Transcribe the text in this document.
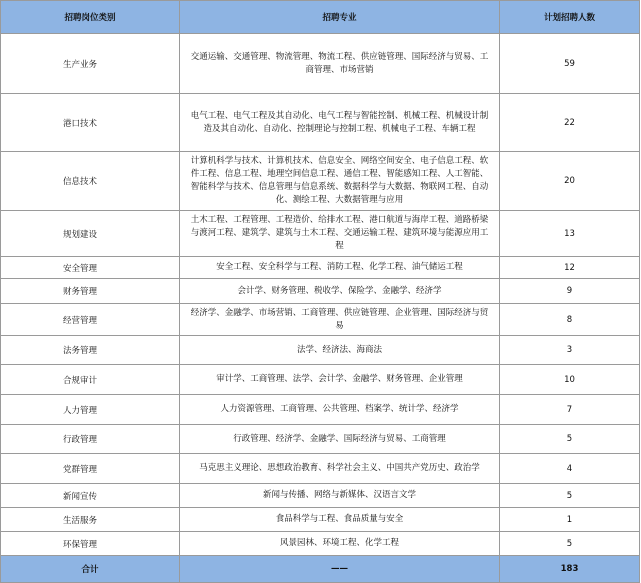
招聘岗位类别	招聘专业	计划招聘人数
生产业务	交通运输、交通管理、物流管理、物流工程、供应链管理、国际经济与贸易、工商管理、市场营销	59
港口技术	电气工程、电气工程及其自动化、电气工程与智能控制、机械工程、机械设计制造及其自动化、自动化、控制理论与控制工程、机械电子工程、车辆工程	22
信息技术	计算机科学与技术、计算机技术、信息安全、网络空间安全、电子信息工程、软件工程、信息工程、地理空间信息工程、通信工程、智能感知工程、人工智能、智能科学与技术、信息管理与信息系统、数据科学与大数据、物联网工程、自动化、测绘工程、大数据管理与应用	20
规划建设	土木工程、工程管理、工程造价、给排水工程、港口航道与海岸工程、道路桥梁与渡河工程、建筑学、建筑与土木工程、交通运输工程、建筑环境与能源应用工程	13
安全管理	安全工程、安全科学与工程、消防工程、化学工程、油气储运工程	12
财务管理	会计学、财务管理、税收学、保险学、金融学、经济学	9
经营管理	经济学、金融学、市场营销、工商管理、供应链管理、企业管理、国际经济与贸易	8
法务管理	法学、经济法、海商法	3
合规审计	审计学、工商管理、法学、会计学、金融学、财务管理、企业管理	10
人力管理	人力资源管理、工商管理、公共管理、档案学、统计学、经济学	7
行政管理	行政管理、经济学、金融学、国际经济与贸易、工商管理	5
党群管理	马克思主义理论、思想政治教育、科学社会主义、中国共产党历史、政治学	4
新闻宣传	新闻与传播、网络与新媒体、汉语言文学	5
生活服务	食品科学与工程、食品质量与安全	1
环保管理	风景园林、环境工程、化学工程	5
合计	——	183
